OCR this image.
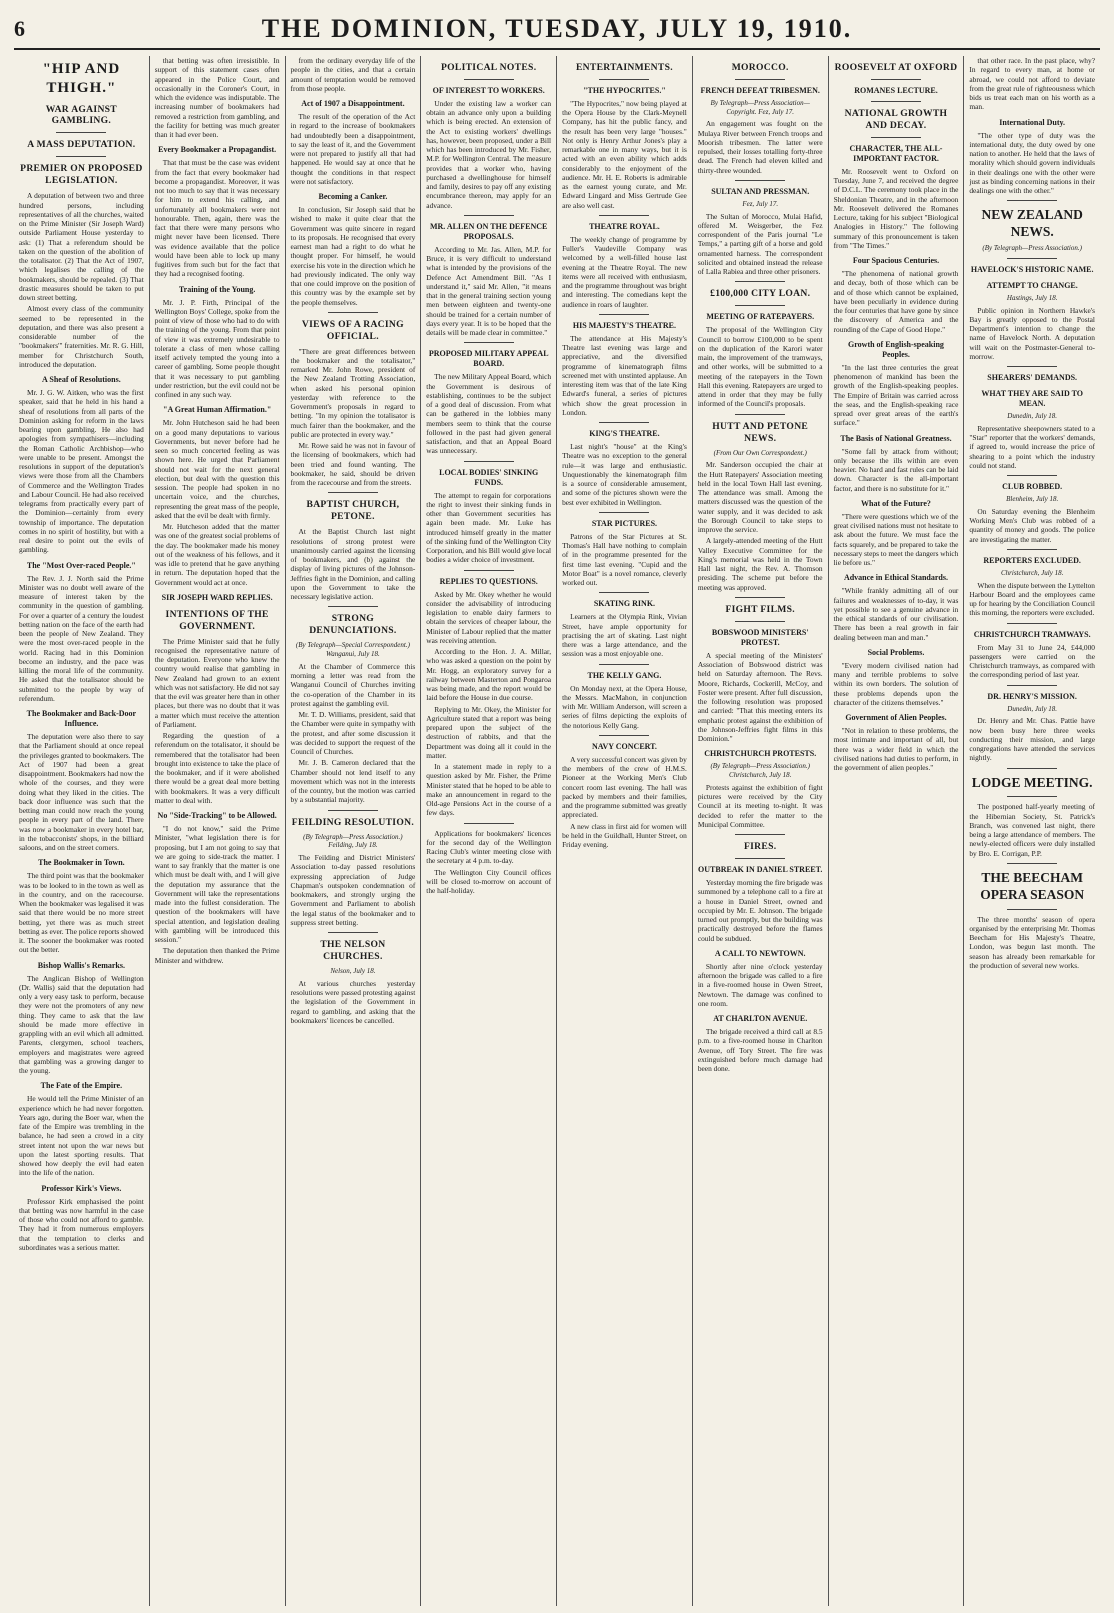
6	THE DOMINION, TUESDAY, JULY 19, 1910.
"HIP AND THIGH."
WAR AGAINST GAMBLING.
A MASS DEPUTATION.
PREMIER ON PROPOSED LEGISLATION.

A deputation of between two and three hundred persons, including representatives of all the churches, waited on the Prime Minister (Sir Joseph Ward) outside Parliament House yesterday to ask: (1) That a referendum should be taken on the question of the abolition of the totalisator. (2) That the Act of 1907, which legalises the calling of the bookmakers, should be repealed. (3) That drastic measures should be taken to put down street betting.

Almost every class of the community seemed to be represented in the deputation, and there was also present a considerable number of the "bookmakers'" fraternities. Mr. R. G. Hill, member for Christchurch South, introduced the deputation.

A Sheaf of Resolutions.

Mr. J. G. W. Aitken, who was the first speaker, said that he held in his hand a sheaf of resolutions from all parts of the Dominion asking for reform in the laws bearing upon gambling. He also had apologies from sympathisers—including the Roman Catholic Archbishop—who were unable to be present. Amongst the resolutions in support of the deputation's views were those from all the Chambers of Commerce and the Wellington Trades and Labour Council. He had also received telegrams from practically every part of the Dominion—certainly from every township of importance. The deputation comes in no spirit of hostility, but with a real desire to point out the evils of gambling.

The "Most Over-raced People."

The Rev. J. J. North said the Prime Minister was no doubt well aware of the measure of interest taken by the community in the question of gambling. For over a quarter of a century the loudest betting nation on the face of the earth had been the people of New Zealand. They were the most over-raced people in the world. Racing had in this Dominion become an industry, and the pace was killing the moral life of the community. He asked that the totalisator should be submitted to the people by way of referendum.

The Bookmaker and Back-Door Influence.

The deputation were also there to say that the Parliament should at once repeal the privileges granted to bookmakers. The Act of 1907 had been a great disappointment. Bookmakers had now the whole of the courses, and they were doing what they liked in the cities. The back door influence was such that the betting man could now reach the young people in every part of the land. There was now a bookmaker in every hotel bar, in the tobacconists' shops, in the billiard saloons, and on the street corners.

The Bookmaker in Town.

The third point was that the bookmaker was to be looked to in the town as well as in the country, and on the racecourse. When the bookmaker was legalised it was said that there would be no more street betting, yet there was as much street betting as ever. The police reports showed it. The sooner the bookmaker was rooted out the better.

Bishop Wallis's Remarks.

The Anglican Bishop of Wellington (Dr. Wallis) said that the deputation had only a very easy task to perform, because they were not the promoters of any new thing. They came to ask that the law should be made more effective in grappling with an evil which all admitted. Parents, clergymen, school teachers, employers and magistrates were agreed that gambling was a growing danger to the young.

The Fate of the Empire.

He would tell the Prime Minister of an experience which he had never forgotten. Years ago, during the Boer war, when the fate of the Empire was trembling in the balance, he had seen a crowd in a city street intent not upon the war news but upon the latest sporting results. That showed how deeply the evil had eaten into the life of the nation.

Professor Kirk's Views.

Professor Kirk emphasised the point that betting was now harmful in the case of those who could not afford to gamble. They had it from numerous employers that the temptation to clerks and subordinates was a serious matter.

that betting was often irresistible. In support of this statement cases often appeared in the Police Court, and occasionally in the Coroner's Court, in which the evidence was indisputable. The increasing number of bookmakers had removed a restriction from gambling, and the facility for betting was much greater than it had ever been.

Every Bookmaker a Propagandist.

That that must be the case was evident from the fact that every bookmaker had become a propagandist. Moreover, it was not too much to say that it was necessary for him to extend his calling, and unfortunately all bookmakers were not honourable. Then, again, there was the fact that there were many persons who might never have been licensed. There was evidence available that the police would have been able to lock up many fugitives from such but for the fact that they had a recognised footing.

Training of the Young.

Mr. J. P. Firth, Principal of the Wellington Boys' College, spoke from the point of view of those who had to do with the training of the young. From that point of view it was extremely undesirable to tolerate a class of men whose calling itself actively tempted the young into a career of gambling. Some people thought that it was necessary to put gambling under restriction, but the evil could not be confined in any such way.

"A Great Human Affirmation."

Mr. John Hutcheson said he had been on a good many deputations to various Governments, but never before had he seen so much concerted feeling as was shown here. He urged that Parliament should not wait for the next general election, but deal with the question this session. The people had spoken in no uncertain voice, and the churches, representing the great mass of the people, asked that the evil be dealt with firmly.

Mr. Hutcheson added that the matter was one of the greatest social problems of the day. The bookmaker made his money out of the weakness of his fellows, and it was idle to pretend that he gave anything in return. The deputation hoped that the Government would act at once.

SIR JOSEPH WARD REPLIES.
INTENTIONS OF THE GOVERNMENT.

The Prime Minister said that he fully recognised the representative nature of the deputation. Everyone who knew the country would realise that gambling in New Zealand had grown to an extent which was not satisfactory. He did not say that the evil was greater here than in other places, but there was no doubt that it was a matter which must receive the attention of Parliament.

Regarding the question of a referendum on the totalisator, it should be remembered that the totalisator had been brought into existence to take the place of the bookmaker, and if it were abolished there would be a great deal more betting with bookmakers. It was a very difficult matter to deal with.

No "Side-Tracking" to be Allowed.

"I do not know," said the Prime Minister, "what legislation there is for proposing, but I am not going to say that we are going to side-track the matter. I want to say frankly that the matter is one which must be dealt with, and I will give the deputation my assurance that the Government will take the representations made into the fullest consideration. The question of the bookmakers will have special attention, and legislation dealing with gambling will be introduced this session."

The deputation then thanked the Prime Minister and withdrew.

from the ordinary everyday life of the people in the cities, and that a certain amount of temptation would be removed from those people.

Act of 1907 a Disappointment.

The result of the operation of the Act in regard to the increase of bookmakers had undoubtedly been a disappointment, to say the least of it, and the Government were not prepared to justify all that had happened. He would say at once that he thought the conditions in that respect were not satisfactory.

Becoming a Canker.

In conclusion, Sir Joseph said that he wished to make it quite clear that the Government was quite sincere in regard to its proposals. He recognised that every earnest man had a right to do what he thought proper. For himself, he would exercise his vote in the direction which he had previously indicated. The only way that one could improve on the position of this country was by the example set by the people themselves.

VIEWS OF A RACING OFFICIAL.

"There are great differences between the bookmaker and the totalisator," remarked Mr. John Rowe, president of the New Zealand Trotting Association, when asked his personal opinion yesterday with reference to the Government's proposals in regard to betting. "In my opinion the totalisator is much fairer than the bookmaker, and the public are protected in every way."

Mr. Rowe said he was not in favour of the licensing of bookmakers, which had been tried and found wanting. The bookmaker, he said, should be driven from the racecourse and from the streets.

BAPTIST CHURCH, PETONE.

At the Baptist Church last night resolutions of strong protest were unanimously carried against the licensing of bookmakers, and (b) against the display of living pictures of the Johnson-Jeffries fight in the Dominion, and calling upon the Government to take the necessary legislative action.

STRONG DENUNCIATIONS.
(By Telegraph—Special Correspondent.) Wanganui, July 18.

At the Chamber of Commerce this morning a letter was read from the Wanganui Council of Churches inviting the co-operation of the Chamber in its protest against the gambling evil.

Mr. T. D. Williams, president, said that the Chamber were quite in sympathy with the protest, and after some discussion it was decided to support the request of the Council of Churches.

Mr. J. B. Cameron declared that the Chamber should not lend itself to any movement which was not in the interests of the country, but the motion was carried by a substantial majority.

FEILDING RESOLUTION.
(By Telegraph—Press Association.) Feilding, July 18.

The Feilding and District Ministers' Association to-day passed resolutions expressing appreciation of Judge Chapman's outspoken condemnation of bookmakers, and strongly urging the Government and Parliament to abolish the legal status of the bookmaker and to suppress street betting.

THE NELSON CHURCHES.
Nelson, July 18.

At various churches yesterday resolutions were passed protesting against the legislation of the Government in regard to gambling, and asking that the bookmakers' licences be cancelled.

POLITICAL NOTES.
OF INTEREST TO WORKERS.

Under the existing law a worker can obtain an advance only upon a building which is being erected. An extension of the Act to existing workers' dwellings has, however, been proposed, under a Bill which has been introduced by Mr. Fisher, M.P. for Wellington Central. The measure provides that a worker who, having purchased a dwellinghouse for himself and family, desires to pay off any existing encumbrance thereon, may apply for an advance.

MR. ALLEN ON THE DEFENCE PROPOSALS.

According to Mr. Jas. Allen, M.P. for Bruce, it is very difficult to understand what is intended by the provisions of the Defence Act Amendment Bill. "As I understand it," said Mr. Allen, "it means that in the general training section young men between eighteen and twenty-one should be trained for a certain number of days every year. It is to be hoped that the details will be made clear in committee."

PROPOSED MILITARY APPEAL BOARD.

The new Military Appeal Board, which the Government is desirous of establishing, continues to be the subject of a good deal of discussion. From what can be gathered in the lobbies many members seem to think that the course followed in the past had given general satisfaction, and that an Appeal Board was unnecessary.

LOCAL BODIES' SINKING FUNDS.

The attempt to regain for corporations the right to invest their sinking funds in other than Government securities has again been made. Mr. Luke has introduced himself greatly in the matter of the sinking fund of the Wellington City Corporation, and his Bill would give local bodies a wider choice of investment.

REPLIES TO QUESTIONS.

Asked by Mr. Okey whether he would consider the advisability of introducing legislation to enable dairy farmers to obtain the services of cheaper labour, the Minister of Labour replied that the matter was receiving attention.

According to the Hon. J. A. Millar, who was asked a question on the point by Mr. Hogg, an exploratory survey for a railway between Masterton and Pongaroa was being made, and the report would be laid before the House in due course.

Replying to Mr. Okey, the Minister for Agriculture stated that a report was being prepared upon the subject of the destruction of rabbits, and that the Department was doing all it could in the matter.

In a statement made in reply to a question asked by Mr. Fisher, the Prime Minister stated that he hoped to be able to make an announcement in regard to the Old-age Pensions Act in the course of a few days.

Applications for bookmakers' licences for the second day of the Wellington Racing Club's winter meeting close with the secretary at 4 p.m. to-day.

The Wellington City Council offices will be closed to-morrow on account of the half-holiday.

ENTERTAINMENTS.
"THE HYPOCRITES."

"The Hypocrites," now being played at the Opera House by the Clark-Meynell Company, has hit the public fancy, and the result has been very large "houses." Not only is Henry Arthur Jones's play a remarkable one in many ways, but it is acted with an even ability which adds considerably to the enjoyment of the audience. Mr. H. E. Roberts is admirable as the earnest young curate, and Mr. Edward Lingard and Miss Gertrude Gee are also well cast.

THEATRE ROYAL.

The weekly change of programme by Fuller's Vaudeville Company was welcomed by a well-filled house last evening at the Theatre Royal. The new items were all received with enthusiasm, and the programme throughout was bright and interesting. The comedians kept the audience in roars of laughter.

HIS MAJESTY'S THEATRE.

The attendance at His Majesty's Theatre last evening was large and appreciative, and the diversified programme of kinematograph films screened met with unstinted applause. An interesting item was that of the late King Edward's funeral, a series of pictures which show the great procession in London.

KING'S THEATRE.

Last night's "house" at the King's Theatre was no exception to the general rule—it was large and enthusiastic. Unquestionably the kinematograph film is a source of considerable amusement, and some of the pictures shown were the best ever exhibited in Wellington.

STAR PICTURES.

Patrons of the Star Pictures at St. Thomas's Hall have nothing to complain of in the programme presented for the first time last evening. "Cupid and the Motor Boat" is a novel romance, cleverly worked out.

SKATING RINK.

Learners at the Olympia Rink, Vivian Street, have ample opportunity for practising the art of skating. Last night there was a large attendance, and the session was a most enjoyable one.

THE KELLY GANG.

On Monday next, at the Opera House, the Messrs. MacMahon, in conjunction with Mr. William Anderson, will screen a series of films depicting the exploits of the notorious Kelly Gang.

NAVY CONCERT.

A very successful concert was given by the members of the crew of H.M.S. Pioneer at the Working Men's Club concert room last evening. The hall was packed by members and their families, and the programme submitted was greatly appreciated.

A new class in first aid for women will be held in the Guildhall, Hunter Street, on Friday evening.

MOROCCO.
FRENCH DEFEAT TRIBESMEN.
By Telegraph—Press Association—Copyright. Fez, July 17.

An engagement was fought on the Mulaya River between French troops and Moorish tribesmen. The latter were repulsed, their losses totalling forty-three dead. The French had eleven killed and thirty-three wounded.

SULTAN AND PRESSMAN.
Fez, July 17.

The Sultan of Morocco, Mulai Hafid, offered M. Weisgerber, the Fez correspondent of the Paris journal "Le Temps," a parting gift of a horse and gold ornamented harness. The correspondent solicited and obtained instead the release of Lalla Rabiea and three other prisoners.

£100,000 CITY LOAN.
MEETING OF RATEPAYERS.

The proposal of the Wellington City Council to borrow £100,000 to be spent on the duplication of the Karori water main, the improvement of the tramways, and other works, will be submitted to a meeting of the ratepayers in the Town Hall this evening. Ratepayers are urged to attend in order that they may be fully informed of the Council's proposals.

HUTT AND PETONE NEWS.
(From Our Own Correspondent.)

Mr. Sanderson occupied the chair at the Hutt Ratepayers' Association meeting held in the local Town Hall last evening. The attendance was small. Among the matters discussed was the question of the water supply, and it was decided to ask the Borough Council to take steps to improve the service.

A largely-attended meeting of the Hutt Valley Executive Committee for the King's memorial was held in the Town Hall last night, the Rev. A. Thomson presiding. The scheme put before the meeting was approved.

FIGHT FILMS.
BOBSWOOD MINISTERS' PROTEST.

A special meeting of the Ministers' Association of Bobswood district was held on Saturday afternoon. The Revs. Moore, Richards, Cockerill, McCoy, and Foster were present. After full discussion, the following resolution was proposed and carried: "That this meeting enters its emphatic protest against the exhibition of the Johnson-Jeffries fight films in this Dominion."

CHRISTCHURCH PROTESTS.
(By Telegraph—Press Association.) Christchurch, July 18.

Protests against the exhibition of fight pictures were received by the City Council at its meeting to-night. It was decided to refer the matter to the Municipal Committee.

FIRES.
OUTBREAK IN DANIEL STREET.

Yesterday morning the fire brigade was summoned by a telephone call to a fire at a house in Daniel Street, owned and occupied by Mr. E. Johnson. The brigade turned out promptly, but the building was practically destroyed before the flames could be subdued.

A CALL TO NEWTOWN.

Shortly after nine o'clock yesterday afternoon the brigade was called to a fire in a five-roomed house in Owen Street, Newtown. The damage was confined to one room.

AT CHARLTON AVENUE.

The brigade received a third call at 8.5 p.m. to a five-roomed house in Charlton Avenue, off Tory Street. The fire was extinguished before much damage had been done.

ROOSEVELT AT OXFORD
ROMANES LECTURE.
NATIONAL GROWTH AND DECAY.
CHARACTER, THE ALL-IMPORTANT FACTOR.

Mr. Roosevelt went to Oxford on Tuesday, June 7, and received the degree of D.C.L. The ceremony took place in the Sheldonian Theatre, and in the afternoon Mr. Roosevelt delivered the Romanes Lecture, taking for his subject "Biological Analogies in History." The following summary of this pronouncement is taken from "The Times."

Four Spacious Centuries.

"The phenomena of national growth and decay, both of those which can be and of those which cannot be explained, have been peculiarly in evidence during the four centuries that have gone by since the discovery of America and the rounding of the Cape of Good Hope."

Growth of English-speaking Peoples.

"In the last three centuries the great phenomenon of mankind has been the growth of the English-speaking peoples. The Empire of Britain was carried across the seas, and the English-speaking race spread over great areas of the earth's surface."

The Basis of National Greatness.

"Some fall by attack from without; only because the ills within are even heavier. No hard and fast rules can be laid down. Character is the all-important factor, and there is no substitute for it."

What of the Future?

"There were questions which we of the great civilised nations must not hesitate to ask about the future. We must face the facts squarely, and be prepared to take the necessary steps to meet the dangers which lie before us."

Advance in Ethical Standards.

"While frankly admitting all of our failures and weaknesses of to-day, it was yet possible to see a genuine advance in the ethical standards of our civilisation. There has been a real growth in fair dealing between man and man."

Social Problems.

"Every modern civilised nation had many and terrible problems to solve within its own borders. The solution of these problems depends upon the character of the citizens themselves."

Government of Alien Peoples.

"Not in relation to these problems, the most intimate and important of all, but there was a wider field in which the civilised nations had duties to perform, in the government of alien peoples."

that other race. In the past place, why? In regard to every man, at home or abroad, we could not afford to deviate from the great rule of righteousness which bids us treat each man on his worth as a man.

International Duty.

"The other type of duty was the international duty, the duty owed by one nation to another. He held that the laws of morality which should govern individuals in their dealings one with the other were just as binding concerning nations in their dealings one with the other."

NEW ZEALAND NEWS.
(By Telegraph—Press Association.)
HAVELOCK'S HISTORIC NAME.
ATTEMPT TO CHANGE.
Hastings, July 18.

Public opinion in Northern Hawke's Bay is greatly opposed to the Postal Department's intention to change the name of Havelock North. A deputation will wait on the Postmaster-General to-morrow.

SHEARERS' DEMANDS.
WHAT THEY ARE SAID TO MEAN.
Dunedin, July 18.

Representative sheepowners stated to a "Star" reporter that the workers' demands, if agreed to, would increase the price of shearing to a point which the industry could not stand.

CLUB ROBBED.
Blenheim, July 18.

On Saturday evening the Blenheim Working Men's Club was robbed of a quantity of money and goods. The police are investigating the matter.

REPORTERS EXCLUDED.
Christchurch, July 18.

When the dispute between the Lyttelton Harbour Board and the employees came up for hearing by the Conciliation Council this morning, the reporters were excluded.

CHRISTCHURCH TRAMWAYS.

From May 31 to June 24, £44,000 passengers were carried on the Christchurch tramways, as compared with the corresponding period of last year.

DR. HENRY'S MISSION.
Dunedin, July 18.

Dr. Henry and Mr. Chas. Pattie have now been busy here three weeks conducting their mission, and large congregations have attended the services nightly.

LODGE MEETING.

The postponed half-yearly meeting of the Hibernian Society, St. Patrick's Branch, was convened last night, there being a large attendance of members. The newly-elected officers were duly installed by Bro. E. Corrigan, P.P.

THE BEECHAM OPERA SEASON

The three months' season of opera organised by the enterprising Mr. Thomas Beecham for His Majesty's Theatre, London, was begun last month. The season has already been remarkable for the production of several new works.
